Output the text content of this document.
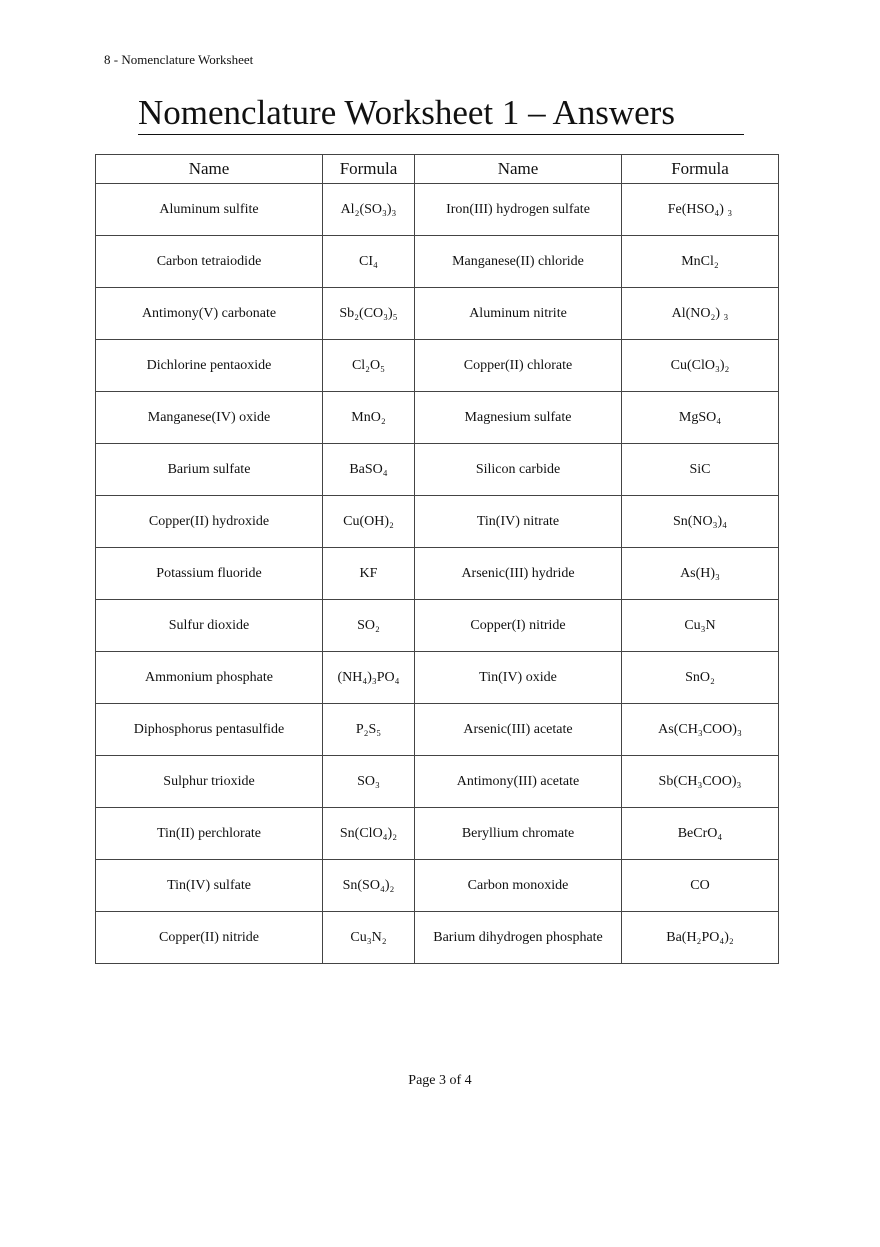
8 - Nomenclature Worksheet

Nomenclature Worksheet 1 – Answers
Name	Formula	Name	Formula
Aluminum sulfite	Al₂(SO₃)₃	Iron(III) hydrogen sulfate	Fe(HSO₄) ₃
Carbon tetraiodide	CI₄	Manganese(II) chloride	MnCl₂
Antimony(V) carbonate	Sb₂(CO₃)₅	Aluminum nitrite	Al(NO₂) ₃
Dichlorine pentaoxide	Cl₂O₅	Copper(II) chlorate	Cu(ClO₃)₂
Manganese(IV) oxide	MnO₂	Magnesium sulfate	MgSO₄
Barium sulfate	BaSO₄	Silicon carbide	SiC
Copper(II) hydroxide	Cu(OH)₂	Tin(IV) nitrate	Sn(NO₃)₄
Potassium fluoride	KF	Arsenic(III) hydride	As(H)₃
Sulfur dioxide	SO₂	Copper(I) nitride	Cu₃N
Ammonium phosphate	(NH₄)₃PO₄	Tin(IV) oxide	SnO₂
Diphosphorus pentasulfide	P₂S₅	Arsenic(III) acetate	As(CH₃COO)₃
Sulphur trioxide	SO₃	Antimony(III) acetate	Sb(CH₃COO)₃
Tin(II) perchlorate	Sn(ClO₄)₂	Beryllium chromate	BeCrO₄
Tin(IV) sulfate	Sn(SO₄)₂	Carbon monoxide	CO
Copper(II) nitride	Cu₃N₂	Barium dihydrogen phosphate	Ba(H₂PO₄)₂

Page 3 of 4
